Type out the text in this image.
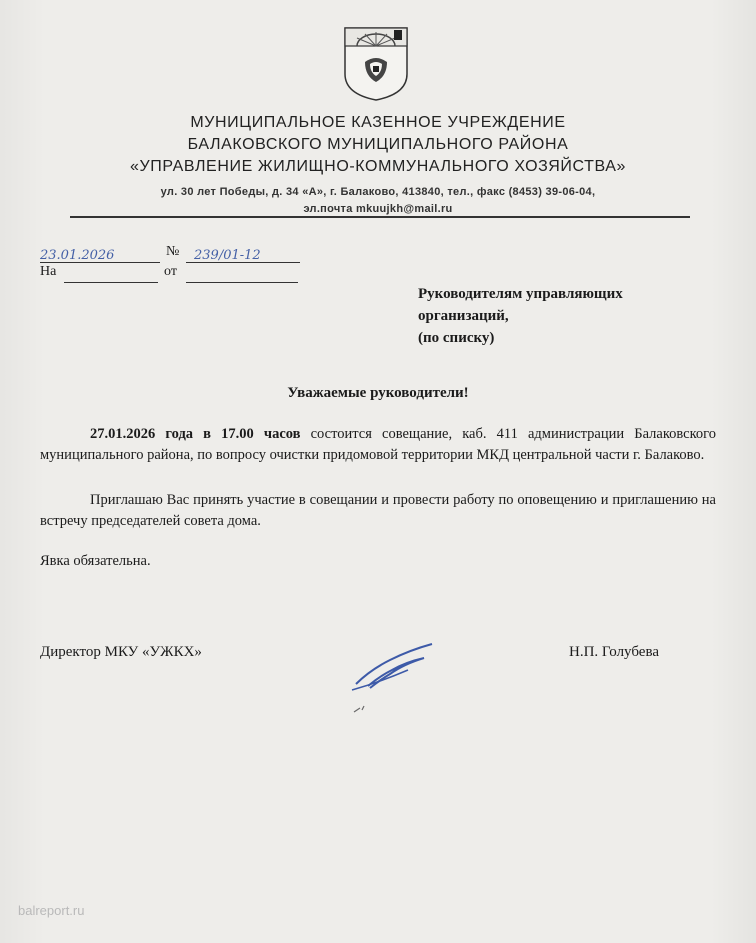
МУНИЦИПАЛЬНОЕ КАЗЕННОЕ УЧРЕЖДЕНИЕ
БАЛАКОВСКОГО МУНИЦИПАЛЬНОГО РАЙОНА
«УПРАВЛЕНИЕ ЖИЛИЩНО-КОММУНАЛЬНОГО ХОЗЯЙСТВА»
ул. 30 лет Победы, д. 34 «А», г. Балаково, 413840, тел., факс (8453) 39-06-04,
эл.почта mkuujkh@mail.ru
23.01.2026	№	239/01-12
На	от
Руководителям управляющих
организаций,
(по списку)
Уважаемые руководители!
27.01.2026 года в 17.00 часов состоится совещание, каб. 411 администрации Балаковского муниципального района, по вопросу очистки придомовой территории МКД центральной части г. Балаково.
Приглашаю Вас принять участие в совещании и провести работу по оповещению и приглашению на встречу председателей совета дома.
Явка обязательна.
Директор МКУ «УЖКХ»	Н.П. Голубева
balreport.ru
